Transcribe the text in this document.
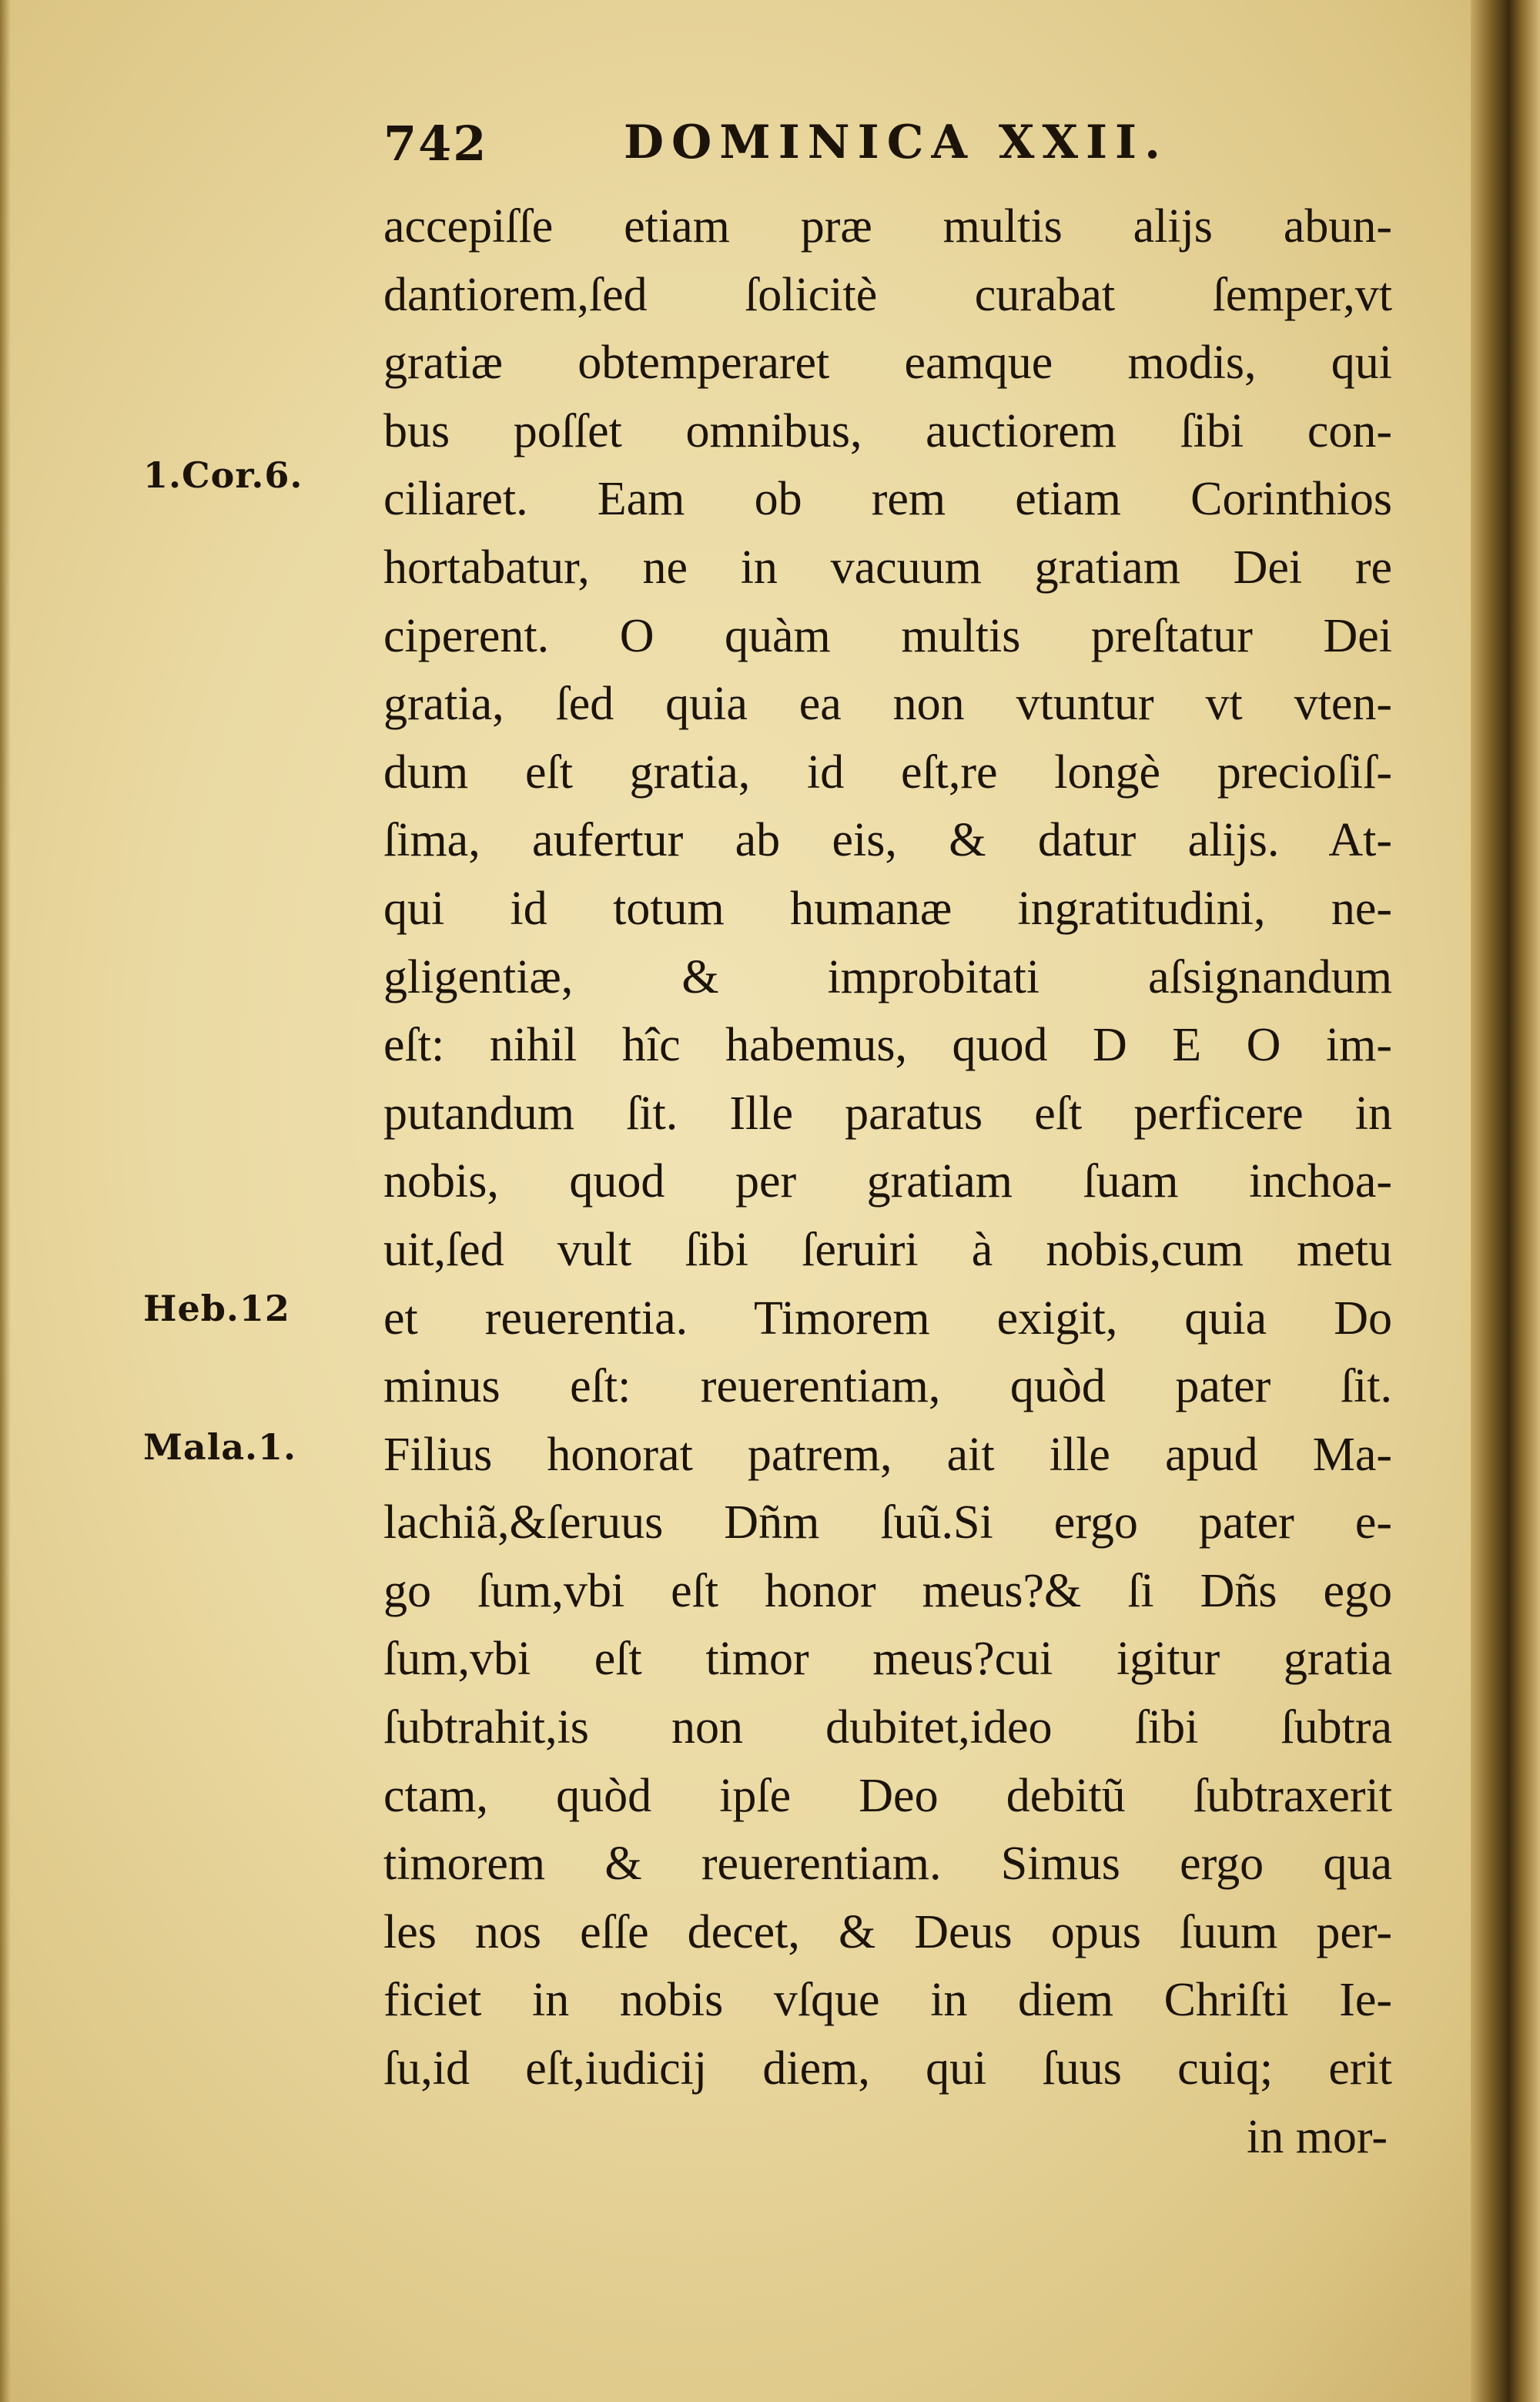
742	DOMINICA XXII.
1.Cor.6.
Heb.12
Mala.1.
accepiſſe etiam præ multis alijs abun-
dantiorem,ſed ſolicitè curabat ſemper,vt
gratiæ obtemperaret eamque modis, qui
bus poſſet omnibus, auctiorem ſibi con-
ciliaret. Eam ob rem etiam Corinthios
hortabatur, ne in vacuum gratiam Dei re
ciperent. O quàm multis preſtatur Dei
gratia, ſed quia ea non vtuntur vt vten-
dum eſt gratia, id eſt,re longè precioſiſ-
ſima, aufertur ab eis, & datur alijs. At-
qui id totum humanæ ingratitudini, ne-
gligentiæ, & improbitati aſsignandum
eſt: nihil hîc habemus, quod D E O im-
putandum ſit. Ille paratus eſt perficere in
nobis, quod per gratiam ſuam inchoa-
uit,ſed vult ſibi ſeruiri à nobis,cum metu
et reuerentia. Timorem exigit, quia Do
minus eſt: reuerentiam, quòd pater ſit.
Filius honorat patrem, ait ille apud Ma-
lachiã,&ſeruus Dñm ſuũ.Si ergo pater e-
go ſum,vbi eſt honor meus?& ſi Dñs ego
ſum,vbi eſt timor meus?cui igitur gratia
ſubtrahit,is non dubitet,ideo ſibi ſubtra
ctam, quòd ipſe Deo debitũ ſubtraxerit
timorem & reuerentiam. Simus ergo qua
les nos eſſe decet, & Deus opus ſuum per-
ficiet in nobis vſque in diem Chriſti Ie-
ſu,id eſt,iudicij diem, qui ſuus cuiq; erit
in mor-
